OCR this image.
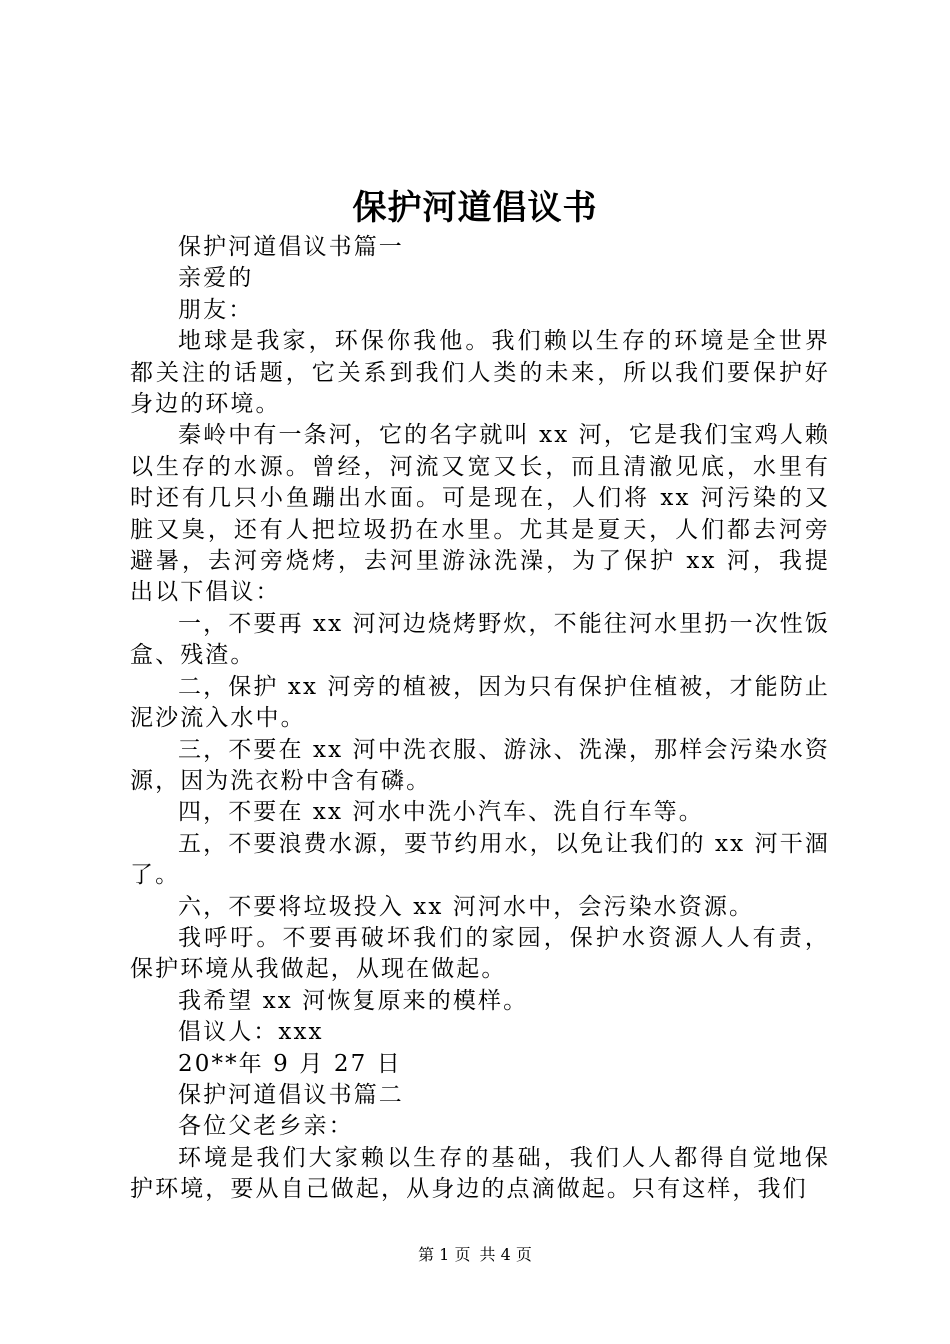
保护河道倡议书

保护河道倡议书篇一

亲爱的

朋友：

地球是我家，环保你我他。我们赖以生存的环境是全世界都关注的话题，它关系到我们人类的未来，所以我们要保护好身边的环境。

秦岭中有一条河，它的名字就叫 xx 河，它是我们宝鸡人赖以生存的水源。曾经，河流又宽又长，而且清澈见底，水里有时还有几只小鱼蹦出水面。可是现在，人们将 xx 河污染的又脏又臭，还有人把垃圾扔在水里。尤其是夏天，人们都去河旁避暑，去河旁烧烤，去河里游泳洗澡，为了保护 xx 河，我提出以下倡议：

一，不要再 xx 河河边烧烤野炊，不能往河水里扔一次性饭盒、残渣。

二，保护 xx 河旁的植被，因为只有保护住植被，才能防止泥沙流入水中。

三，不要在 xx 河中洗衣服、游泳、洗澡，那样会污染水资源，因为洗衣粉中含有磷。

四，不要在 xx 河水中洗小汽车、洗自行车等。

五，不要浪费水源，要节约用水，以免让我们的 xx 河干涸了。

六，不要将垃圾投入 xx 河河水中，会污染水资源。

我呼吁。不要再破坏我们的家园，保护水资源人人有责，保护环境从我做起，从现在做起。

我希望 xx 河恢复原来的模样。

倡议人：xxx

20**年 9 月 27 日

保护河道倡议书篇二

各位父老乡亲：

环境是我们大家赖以生存的基础，我们人人都得自觉地保护环境，要从自己做起，从身边的点滴做起。只有这样，我们

第 1 页 共 4 页
